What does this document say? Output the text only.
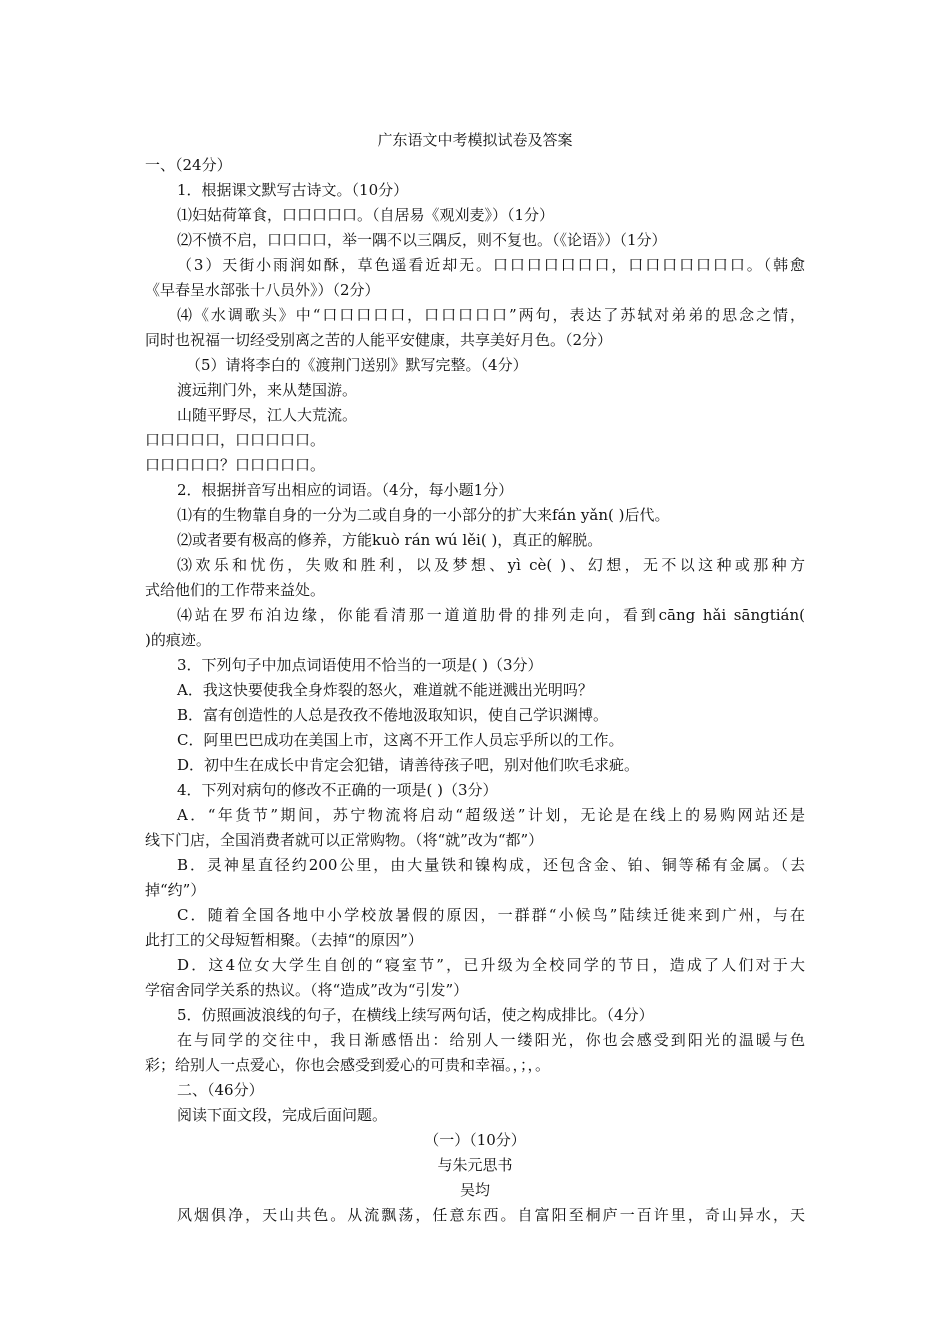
广东语文中考模拟试卷及答案
一、（24分）
1．根据课文默写古诗文。（10分）
⑴妇姑荷箪食，口口口口口。（自居易《观刈麦》）（1分）
⑵不愤不启，口口口口，举一隅不以三隅反，则不复也。（《论语》）（1分）
（3）天街小雨润如酥，草色遥看近却无。口口口口口口口，口口口口口口口。（韩愈
《早春呈水部张十八员外》）（2分）
⑷《水调歌头》中“口口口口口，口口口口口”两句，表达了苏轼对弟弟的思念之情，
同时也祝福一切经受别离之苦的人能平安健康，共享美好月色。（2分）
（5）请将李白的《渡荆门送别》默写完整。（4分）
渡远荆门外，来从楚国游。
山随平野尽，江人大荒流。
口口口口口，口口口口口。
口口口口口？口口口口口。
2．根据拼音写出相应的词语。（4分，每小题1分）
⑴有的生物靠自身的一分为二或自身的一小部分的扩大来fán yǎn( )后代。
⑵或者要有极高的修养，方能kuò rán wú lěi( )，真正的解脱。
⑶欢乐和忧伤，失败和胜利，以及梦想、yì cè( )、幻想，无不以这种或那种方
式给他们的工作带来益处。
⑷站在罗布泊边缘，你能看清那一道道肋骨的排列走向，看到cāng hǎi sāngtián(
)的痕迹。
3．下列句子中加点词语使用不恰当的一项是( )（3分）
A．我这快要使我全身炸裂的怒火，难道就不能迸溅出光明吗？
B．富有创造性的人总是孜孜不倦地汲取知识，使自己学识渊博。
C．阿里巴巴成功在美国上市，这离不开工作人员忘乎所以的工作。
D．初中生在成长中肯定会犯错，请善待孩子吧，别对他们吹毛求疵。
4．下列对病句的修改不正确的一项是( )（3分）
A．“年货节”期间，苏宁物流将启动“超级送”计划，无论是在线上的易购网站还是
线下门店，全国消费者就可以正常购物。（将“就”改为“都”）
B．灵神星直径约200公里，由大量铁和镍构成，还包含金、铂、铜等稀有金属。（去
掉“约”）
C．随着全国各地中小学校放暑假的原因，一群群“小候鸟”陆续迁徙来到广州，与在
此打工的父母短暂相聚。（去掉“的原因”）
D．这4位女大学生自创的“寝室节”，已升级为全校同学的节日，造成了人们对于大
学宿舍同学关系的热议。（将“造成”改为“引发”）
5．仿照画波浪线的句子，在横线上续写两句话，使之构成排比。（4分）
在与同学的交往中，我日渐感悟出：给别人一缕阳光，你也会感受到阳光的温暖与色
彩；给别人一点爱心，你也会感受到爱心的可贵和幸福。，；，。
二、（46分）
阅读下面文段，完成后面问题。
（一）（10分）
与朱元思书
吴均
风烟俱净，天山共色。从流飘荡，任意东西。自富阳至桐庐一百许里，奇山异水，天
